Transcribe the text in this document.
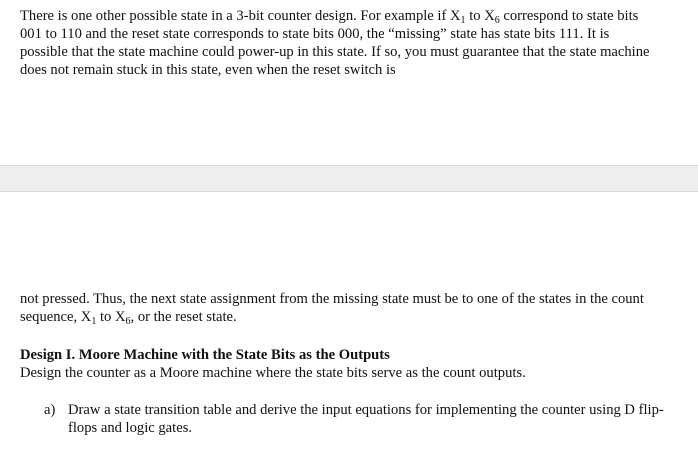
There is one other possible state in a 3-bit counter design. For example if $X_1$ to $X_6$ correspond to state bits 001 to 110 and the reset state corresponds to state bits 000, the “missing” state has state bits 111. It is possible that the state machine could power-up in this state. If so, you must guarantee that the state machine does not remain stuck in this state, even when the reset switch is

not pressed. Thus, the next state assignment from the missing state must be to one of the states in the count sequence, $X_1$ to $X_6$, or the reset state.

Design I. Moore Machine with the State Bits as the Outputs

Design the counter as a Moore machine where the state bits serve as the count outputs.

a) Draw a state transition table and derive the input equations for implementing the counter using D flip-flops and logic gates.
